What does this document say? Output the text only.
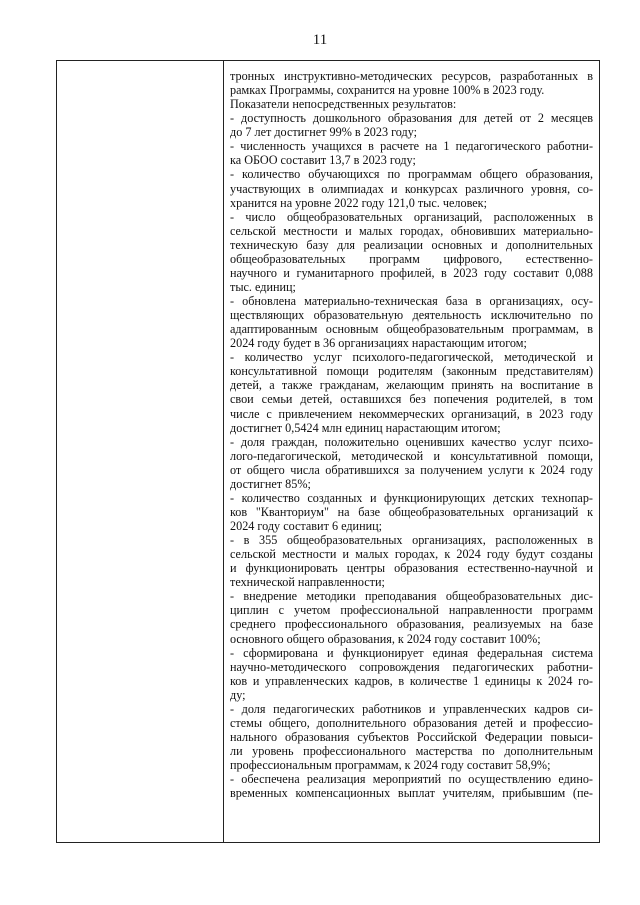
11
тронных инструктивно-методических ресурсов, разработанных в
рамках Программы, сохранится на уровне 100% в 2023 году.
Показатели непосредственных результатов:
- доступность дошкольного образования для детей от 2 месяцев
до 7 лет достигнет 99% в 2023 году;
- численность учащихся в расчете на 1 педагогического работни-
ка ОБОО составит 13,7 в 2023 году;
- количество обучающихся по программам общего образования,
участвующих в олимпиадах и конкурсах различного уровня, со-
хранится на уровне 2022 году 121,0 тыс. человек;
- число общеобразовательных организаций, расположенных в
сельской местности и малых городах, обновивших материально-
техническую базу для реализации основных и дополнительных
общеобразовательных программ цифрового, естественно-
научного и гуманитарного профилей, в 2023 году составит 0,088
тыс. единиц;
- обновлена материально-техническая база в организациях, осу-
ществляющих образовательную деятельность исключительно по
адаптированным основным общеобразовательным программам, в
2024 году будет в 36 организациях нарастающим итогом;
- количество услуг психолого-педагогической, методической и
консультативной помощи родителям (законным представителям)
детей, а также гражданам, желающим принять на воспитание в
свои семьи детей, оставшихся без попечения родителей, в том
числе с привлечением некоммерческих организаций, в 2023 году
достигнет 0,5424 млн единиц нарастающим итогом;
- доля граждан, положительно оценивших качество услуг психо-
лого-педагогической, методической и консультативной помощи,
от общего числа обратившихся за получением услуги к 2024 году
достигнет 85%;
- количество созданных и функционирующих детских технопар-
ков "Кванториум" на базе общеобразовательных организаций к
2024 году составит 6 единиц;
- в 355 общеобразовательных организациях, расположенных в
сельской местности и малых городах, к 2024 году будут созданы
и функционировать центры образования естественно-научной и
технической направленности;
- внедрение методики преподавания общеобразовательных дис-
циплин с учетом профессиональной направленности программ
среднего профессионального образования, реализуемых на базе
основного общего образования, к 2024 году составит 100%;
- сформирована и функционирует единая федеральная система
научно-методического сопровождения педагогических работни-
ков и управленческих кадров, в количестве 1 единицы к 2024 го-
ду;
- доля педагогических работников и управленческих кадров си-
стемы общего, дополнительного образования детей и профессио-
нального образования субъектов Российской Федерации повыси-
ли уровень профессионального мастерства по дополнительным
профессиональным программам, к 2024 году составит 58,9%;
- обеспечена реализация мероприятий по осуществлению едино-
временных компенсационных выплат учителям, прибывшим (пе-
